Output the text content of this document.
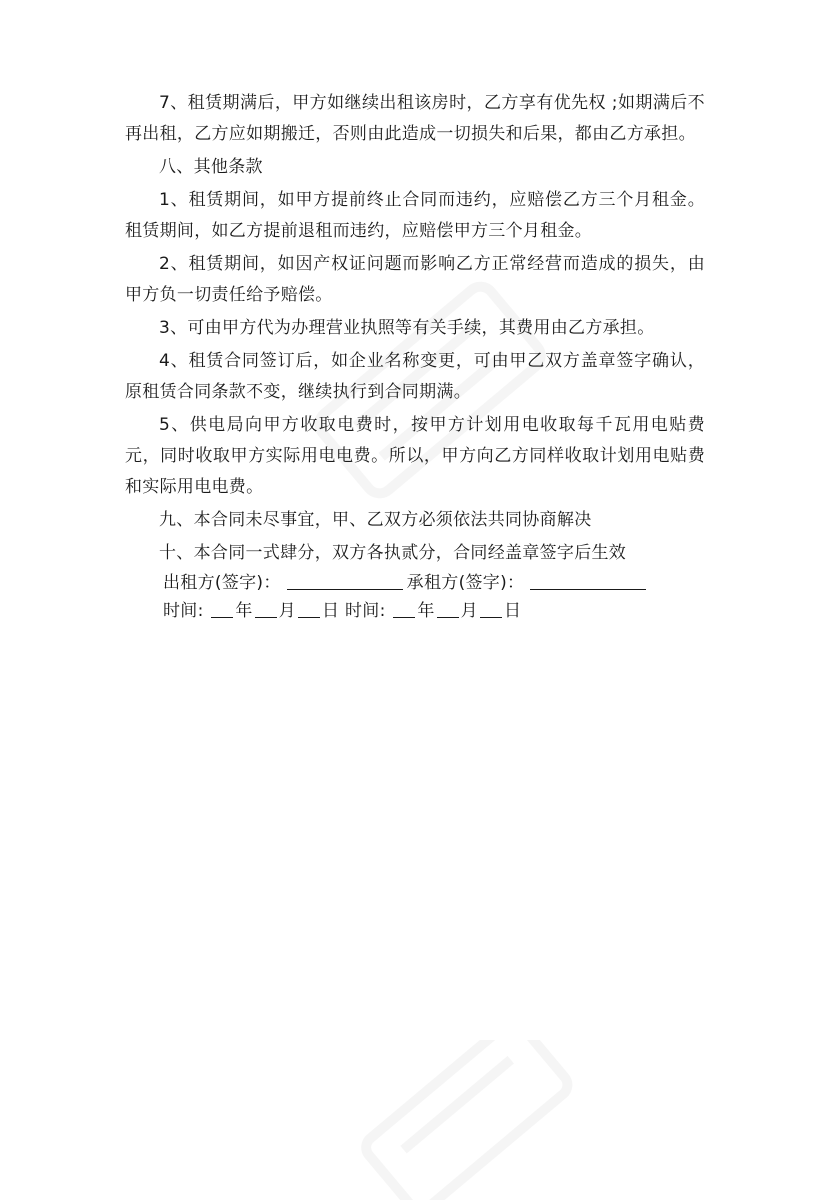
7、租赁期满后，甲方如继续出租该房时，乙方享有优先权 ;如期满后不再出租，乙方应如期搬迁，否则由此造成一切损失和后果，都由乙方承担。

八、其他条款

1、租赁期间，如甲方提前终止合同而违约，应赔偿乙方三个月租金。租赁期间，如乙方提前退租而违约，应赔偿甲方三个月租金。

2、租赁期间，如因产权证问题而影响乙方正常经营而造成的损失，由甲方负一切责任给予赔偿。

3、可由甲方代为办理营业执照等有关手续，其费用由乙方承担。

4、租赁合同签订后，如企业名称变更，可由甲乙双方盖章签字确认，原租赁合同条款不变，继续执行到合同期满。

5、供电局向甲方收取电费时，按甲方计划用电收取每千瓦用电贴费元，同时收取甲方实际用电电费。所以，甲方向乙方同样收取计划用电贴费和实际用电电费。

九、本合同未尽事宜，甲、乙双方必须依法共同协商解决

十、本合同一式肆分，双方各执贰分，合同经盖章签字后生效

出租方(签字)：	承租方(签字)：

时间: 年 月 日 时间: 年 月 日
